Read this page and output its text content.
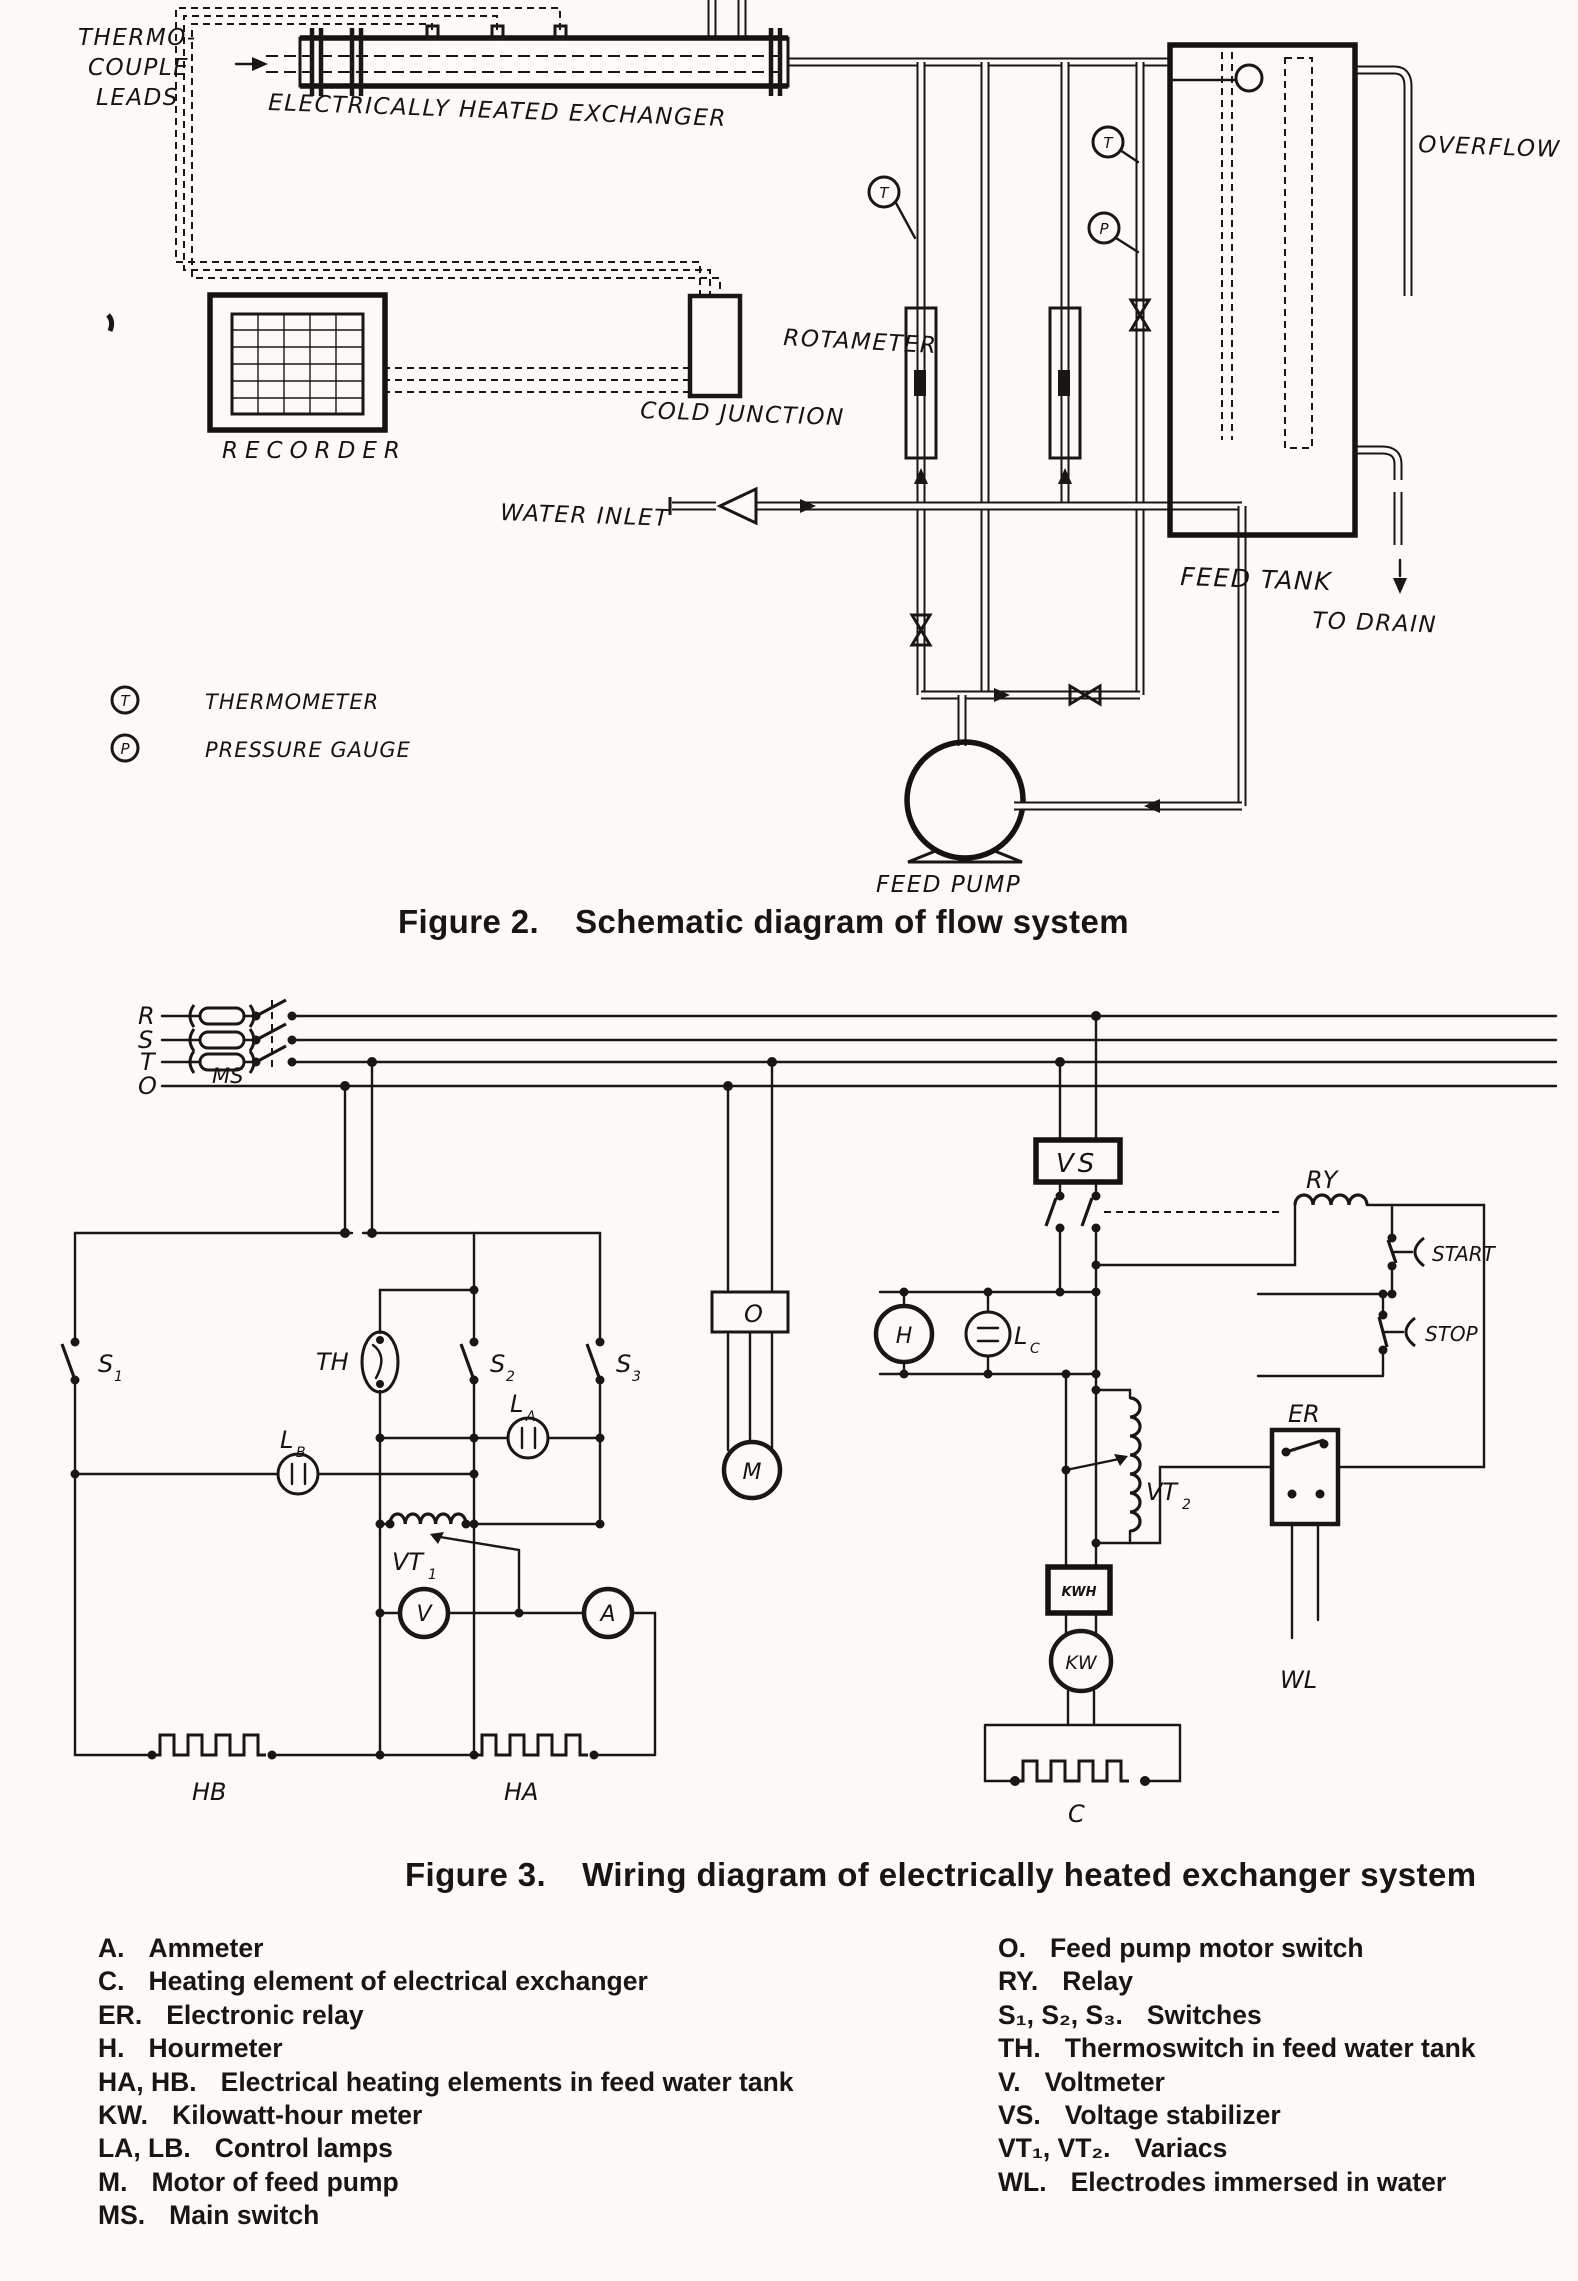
T
T
P
THERMO-
COUPLE
LEADS	ELECTRICALLY HEATED EXCHANGER
OVERFLOW
ROTAMETER
COLD JUNCTION
RECORDER
WATER INLET
FEED TANK
TO DRAIN
FEED PUMP
T	THERMOMETER
P	PRESSURE GAUGE
V	A
M
O
H
KWH
KW
R
S
T
O	MS
VS
RY
START
STOP
S 1	S 2	S 3
TH
L B
L A
L C
VT 1
VT 2
ER
WL
HB	HA
C
Figure 2. Schematic diagram of flow system
Figure 3. Wiring diagram of electrically heated exchanger system
A. Ammeter
C. Heating element of electrical exchanger
ER. Electronic relay
H. Hourmeter
HA, HB. Electrical heating elements in feed water tank
KW. Kilowatt-hour meter
LA, LB. Control lamps
M. Motor of feed pump
MS. Main switch
O. Feed pump motor switch
RY. Relay
S₁, S₂, S₃. Switches
TH. Thermoswitch in feed water tank
V. Voltmeter
VS. Voltage stabilizer
VT₁, VT₂. Variacs
WL. Electrodes immersed in water
